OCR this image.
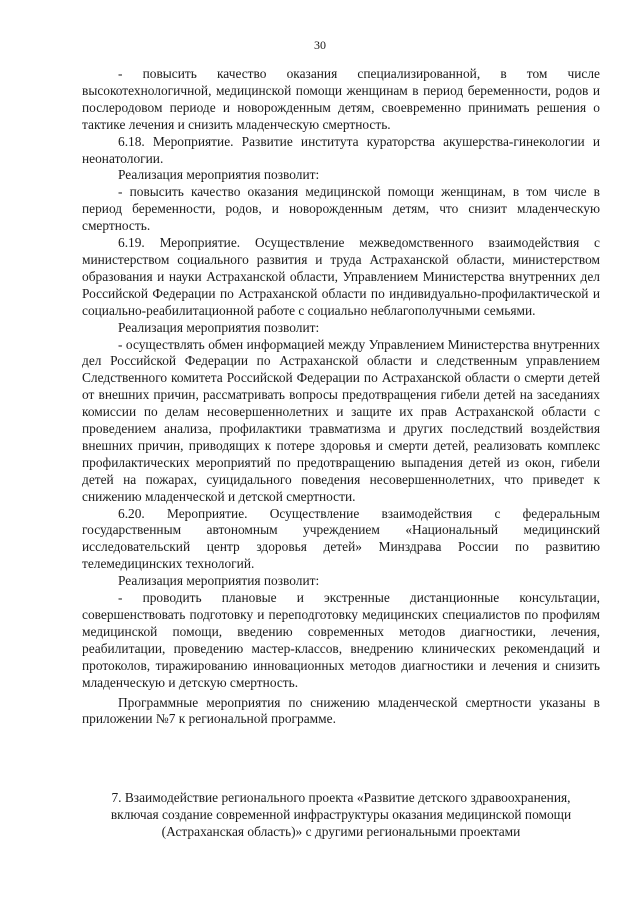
30

- повысить качество оказания специализированной, в том числе высокотехнологичной, медицинской помощи женщинам в период беременности, родов и послеродовом периоде и новорожденным детям, своевременно принимать решения о тактике лечения и снизить младенческую смертность.

6.18. Мероприятие. Развитие института кураторства акушерства-гинекологии и неонатологии.

Реализация мероприятия позволит:

- повысить качество оказания медицинской помощи женщинам, в том числе в период беременности, родов, и новорожденным детям, что снизит младенческую смертность.

6.19. Мероприятие. Осуществление межведомственного взаимодействия с министерством социального развития и труда Астраханской области, министерством образования и науки Астраханской области, Управлением Министерства внутренних дел Российской Федерации по Астраханской области по индивидуально-профилактической и социально-реабилитационной работе с социально неблагополучными семьями.

Реализация мероприятия позволит:

- осуществлять обмен информацией между Управлением Министерства внутренних дел Российской Федерации по Астраханской области и следственным управлением Следственного комитета Российской Федерации по Астраханской области о смерти детей от внешних причин, рассматривать вопросы предотвращения гибели детей на заседаниях комиссии по делам несовершеннолетних и защите их прав Астраханской области с проведением анализа, профилактики травматизма и других последствий воздействия внешних причин, приводящих к потере здоровья и смерти детей, реализовать комплекс профилактических мероприятий по предотвращению выпадения детей из окон, гибели детей на пожарах, суицидального поведения несовершеннолетних, что приведет к снижению младенческой и детской смертности.

6.20. Мероприятие. Осуществление взаимодействия с федеральным государственным автономным учреждением «Национальный медицинский исследовательский центр здоровья детей» Минздрава России по развитию телемедицинских технологий.

Реализация мероприятия позволит:

- проводить плановые и экстренные дистанционные консультации, совершенствовать подготовку и переподготовку медицинских специалистов по профилям медицинской помощи, введению современных методов диагностики, лечения, реабилитации, проведению мастер-классов, внедрению клинических рекомендаций и протоколов, тиражированию инновационных методов диагностики и лечения и снизить младенческую и детскую смертность.

Программные мероприятия по снижению младенческой смертности указаны в приложении №7 к региональной программе.

7. Взаимодействие регионального проекта «Развитие детского здравоохранения, включая создание современной инфраструктуры оказания медицинской помощи (Астраханская область)» с другими региональными проектами
